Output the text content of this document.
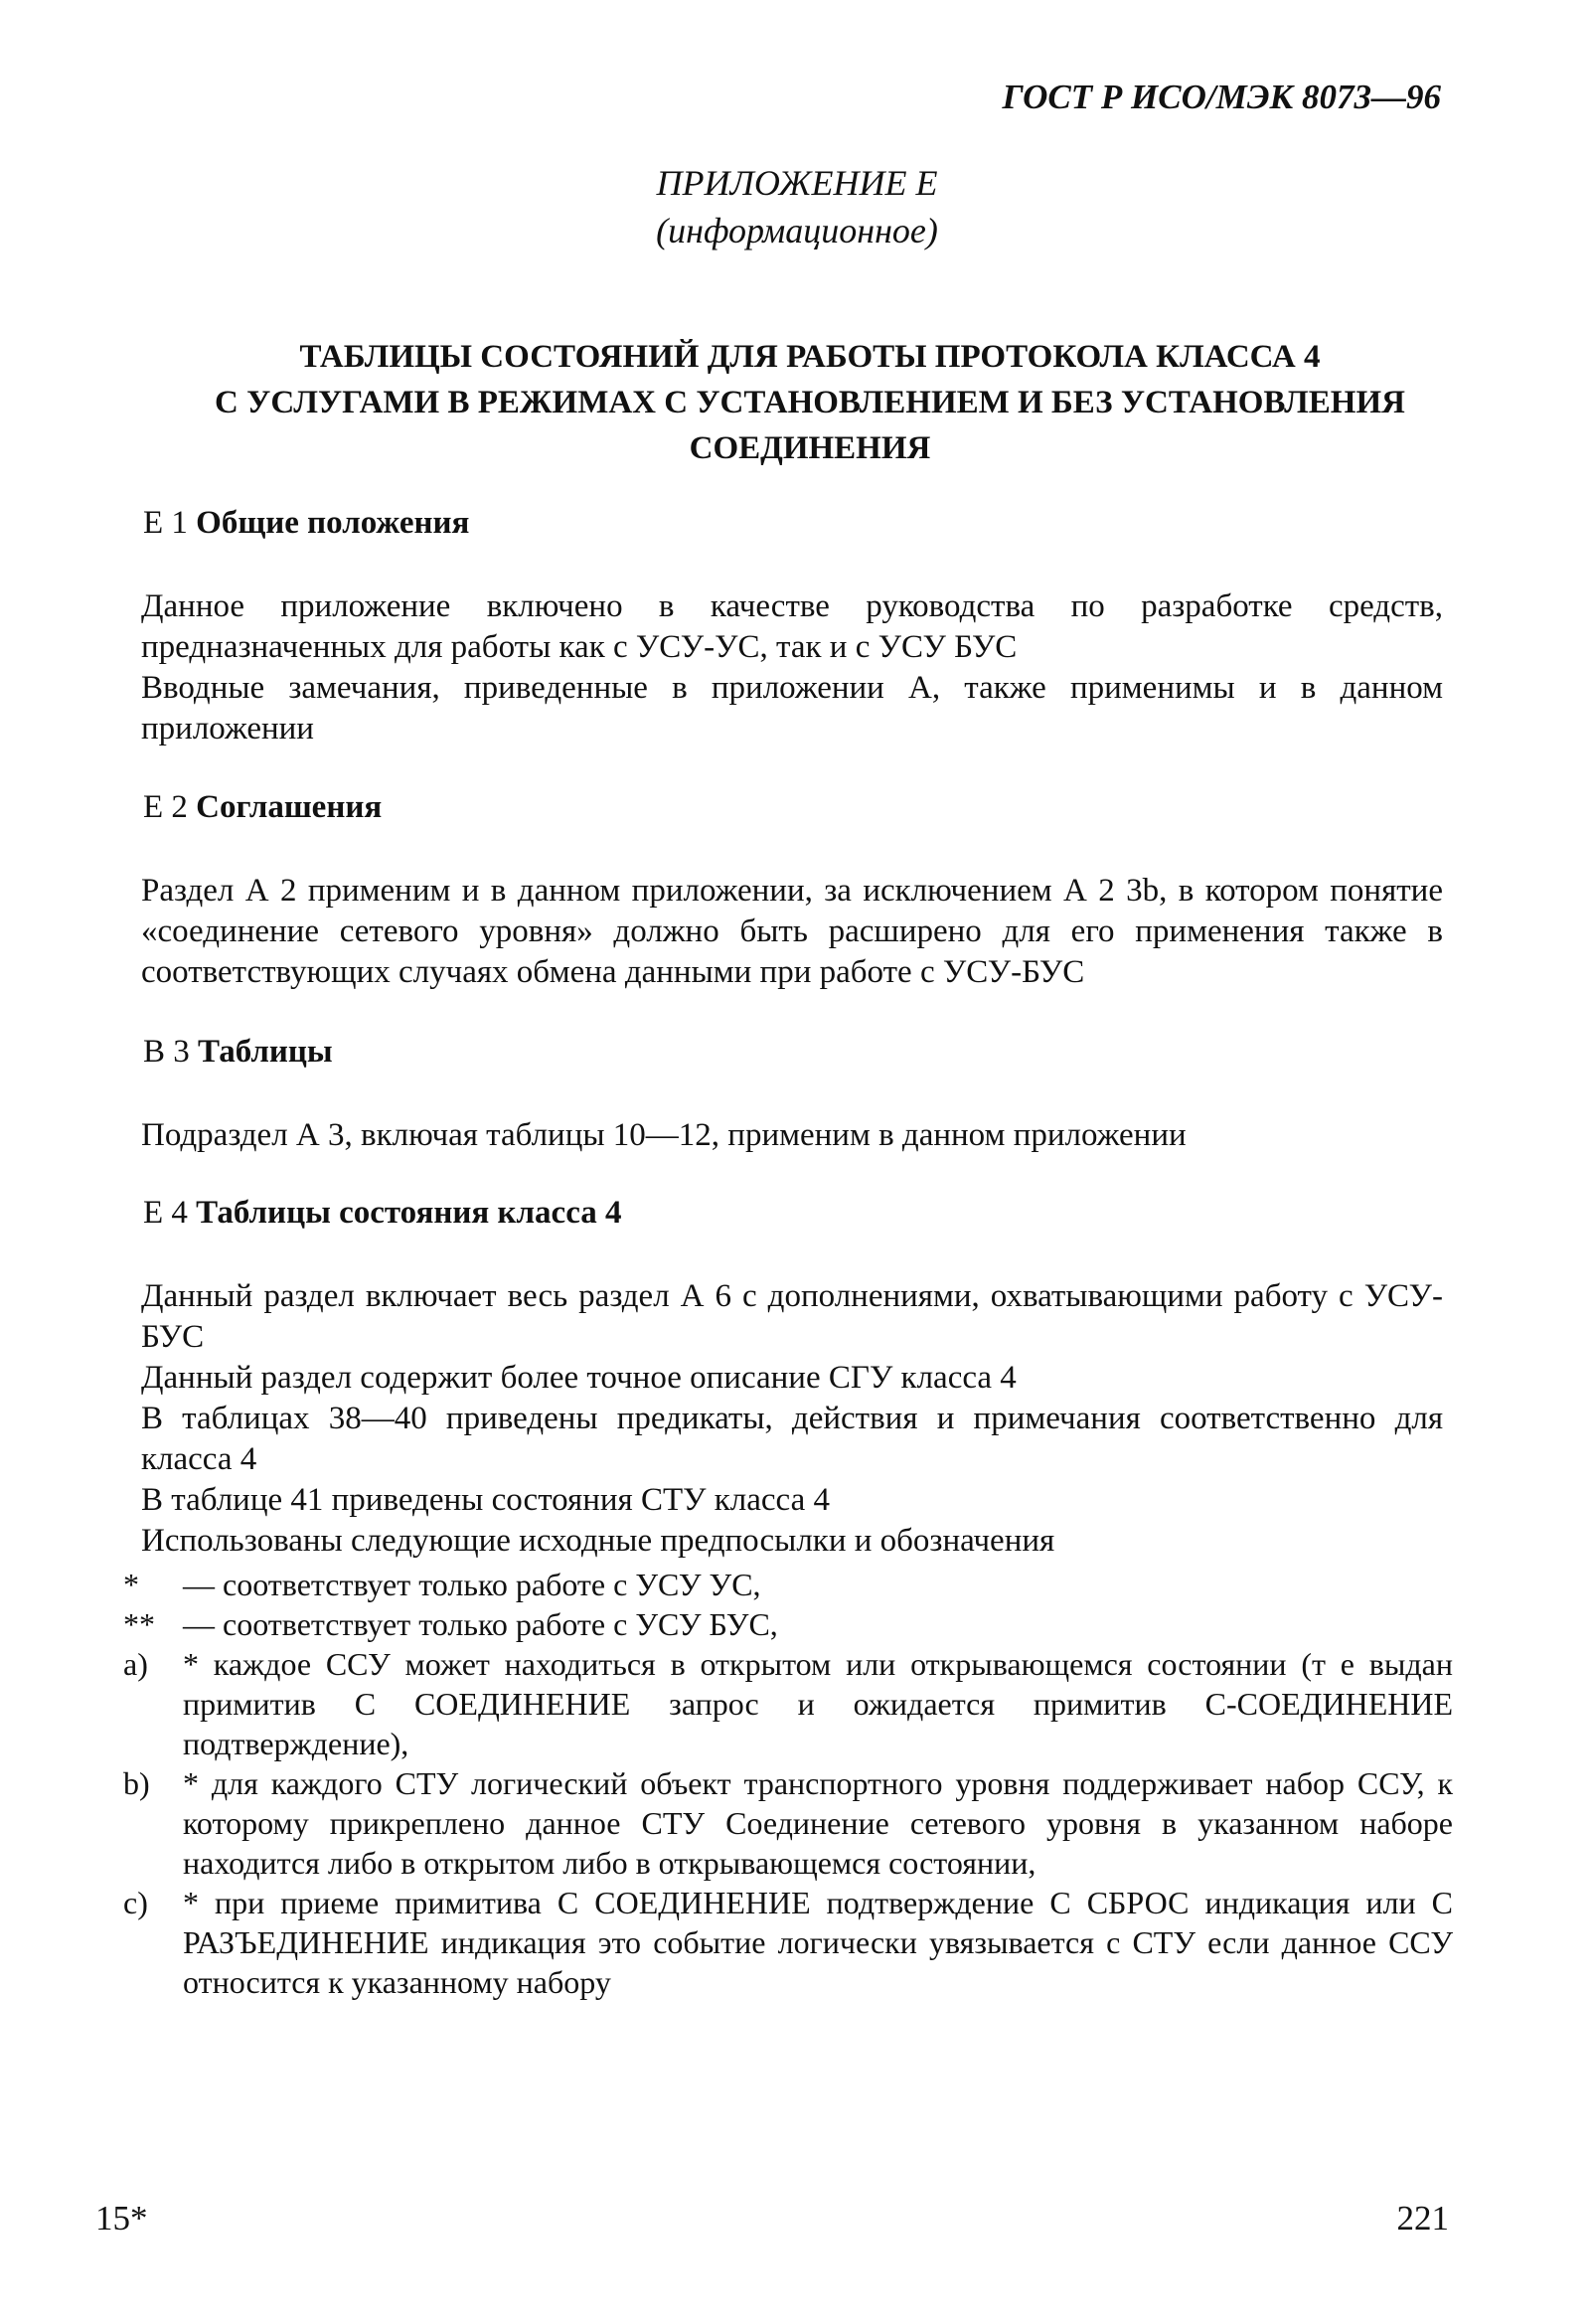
ГОСТ Р ИСО/МЭК 8073—96
ПРИЛОЖЕНИЕ Е
(информационное)
ТАБЛИЦЫ СОСТОЯНИЙ ДЛЯ РАБОТЫ ПРОТОКОЛА КЛАССА 4
С УСЛУГАМИ В РЕЖИМАХ С УСТАНОВЛЕНИЕМ И БЕЗ УСТАНОВЛЕНИЯ
СОЕДИНЕНИЯ
Е 1 Общие положения
Данное приложение включено в качестве руководства по разработке средств, предназначенных для работы как с УСУ-УС, так и с УСУ БУС
Вводные замечания, приведенные в приложении А, также применимы и в данном приложении
Е 2 Соглашения
Раздел А 2 применим и в данном приложении, за исключением А 2 3b, в котором понятие «соединение сетевого уровня» должно быть расширено для его применения также в соответствующих случаях обмена данными при работе с УСУ-БУС
В 3 Таблицы
Подраздел А 3, включая таблицы 10—12, применим в данном приложении
Е 4 Таблицы состояния класса 4
Данный раздел включает весь раздел А 6 с дополнениями, охватывающими работу с УСУ-БУС
Данный раздел содержит более точное описание СГУ класса 4
В таблицах 38—40 приведены предикаты, действия и примечания соответственно для класса 4
В таблице 41 приведены состояния СТУ класса 4
Использованы следующие исходные предпосылки и обозначения
*	— соответствует только работе с УСУ УС,
** — соответствует только работе с УСУ БУС,
а)	* каждое ССУ может находиться в открытом или открывающемся состоянии (т е выдан примитив С СОЕДИНЕНИЕ запрос и ожидается примитив С-СОЕДИНЕНИЕ подтверждение),
b)	* для каждого СТУ логический объект транспортного уровня поддерживает набор ССУ, к которому прикреплено данное СТУ Соединение сетевого уровня в указанном наборе находится либо в открытом либо в открывающемся состоянии,
c)	* при приеме примитива С СОЕДИНЕНИЕ подтверждение С СБРОС индикация или С РАЗЪЕДИНЕНИЕ индикация это событие логически увязывается с СТУ если данное ССУ относится к указанному набору
15*	221
